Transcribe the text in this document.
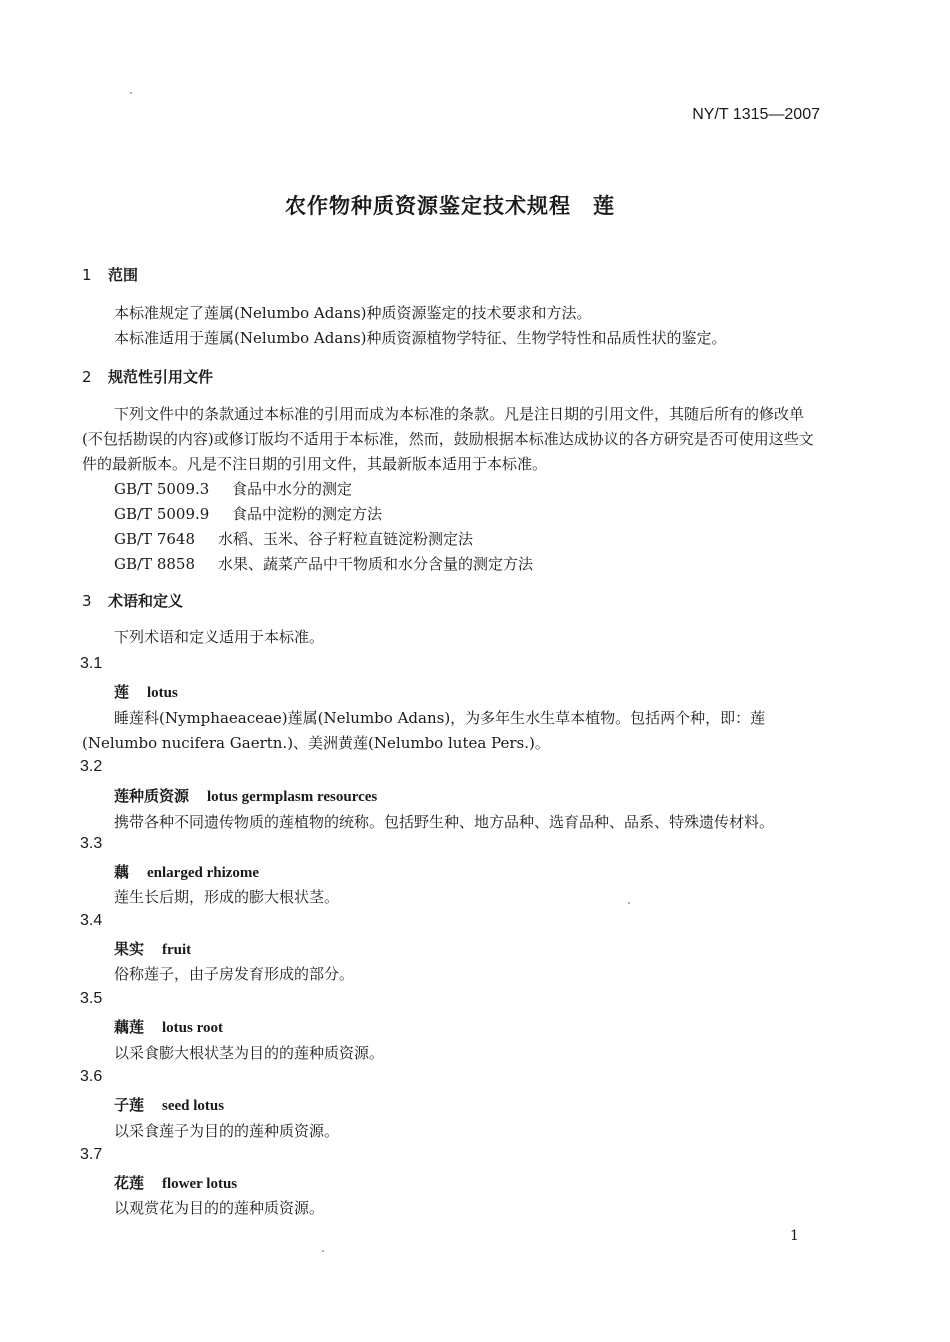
NY/T 1315—2007
农作物种质资源鉴定技术规程　莲
1 范围
本标准规定了莲属(Nelumbo Adans)种质资源鉴定的技术要求和方法。
本标准适用于莲属(Nelumbo Adans)种质资源植物学特征、生物学特性和品质性状的鉴定。
2 规范性引用文件
下列文件中的条款通过本标准的引用而成为本标准的条款。凡是注日期的引用文件，其随后所有的修改单(不包括勘误的内容)或修订版均不适用于本标准，然而，鼓励根据本标准达成协议的各方研究是否可使用这些文件的最新版本。凡是不注日期的引用文件，其最新版本适用于本标准。
GB/T 5009.3 食品中水分的测定
GB/T 5009.9 食品中淀粉的测定方法
GB/T 7648 水稻、玉米、谷子籽粒直链淀粉测定法
GB/T 8858 水果、蔬菜产品中干物质和水分含量的测定方法
3 术语和定义
下列术语和定义适用于本标准。
3.1
莲 lotus
睡莲科(Nymphaeaceae)莲属(Nelumbo Adans)，为多年生水生草本植物。包括两个种，即：莲(Nelumbo nucifera Gaertn.)、美洲黄莲(Nelumbo lutea Pers.)。
3.2
莲种质资源 lotus germplasm resources
携带各种不同遗传物质的莲植物的统称。包括野生种、地方品种、选育品种、品系、特殊遗传材料。
3.3
藕 enlarged rhizome
莲生长后期，形成的膨大根状茎。
3.4
果实 fruit
俗称莲子，由子房发育形成的部分。
3.5
藕莲 lotus root
以采食膨大根状茎为目的的莲种质资源。
3.6
子莲 seed lotus
以采食莲子为目的的莲种质资源。
3.7
花莲 flower lotus
以观赏花为目的的莲种质资源。
1
